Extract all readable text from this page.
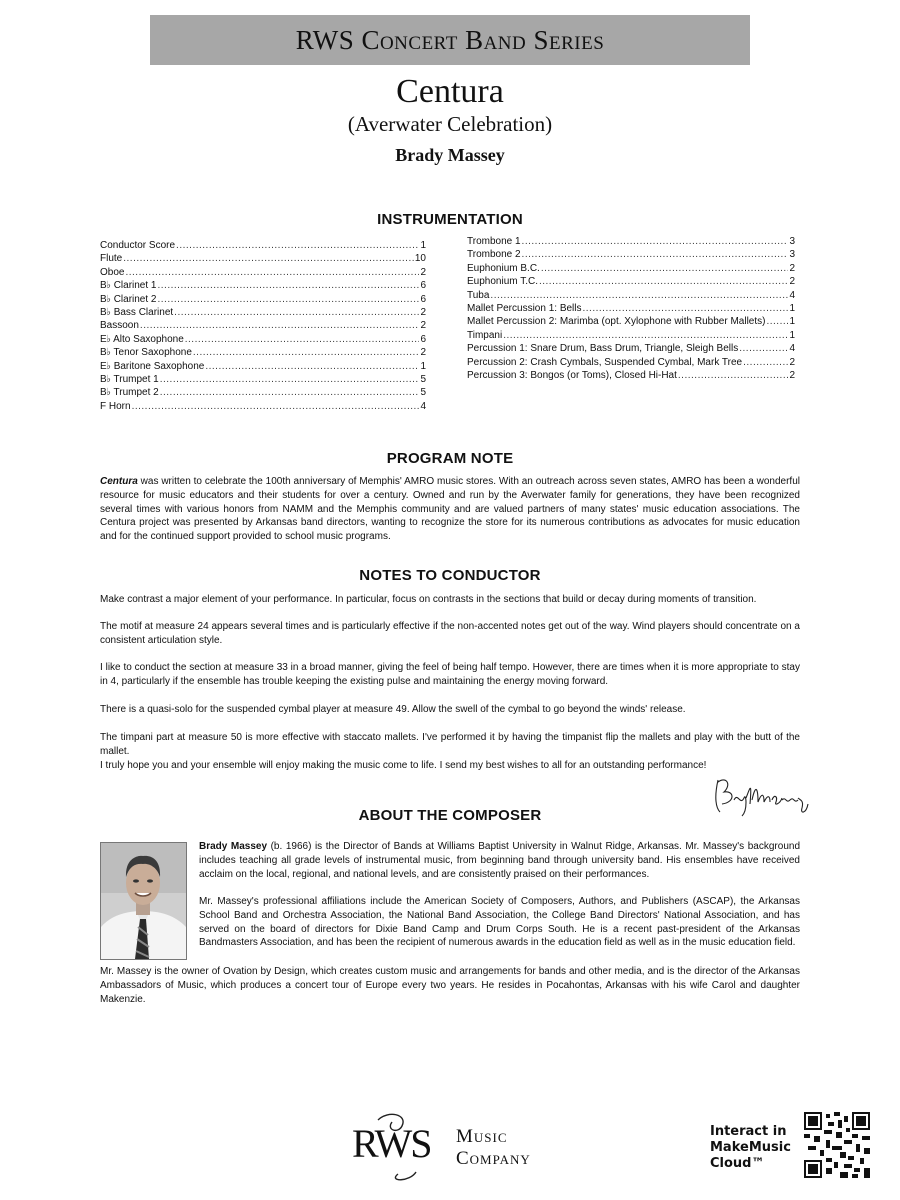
RWS Concert Band Series
Centura
(Averwater Celebration)
Brady Massey
INSTRUMENTATION
Conductor Score .....	1
Flute .....	10
Oboe .....	2
B♭ Clarinet 1 .....	6
B♭ Clarinet 2 .....	6
B♭ Bass Clarinet .....	2
Bassoon .....	2
E♭ Alto Saxophone .....	6
B♭ Tenor Saxophone .....	2
E♭ Baritone Saxophone .....	1
B♭ Trumpet 1 .....	5
B♭ Trumpet 2 .....	5
F Horn .....	4
Trombone 1 .....	3
Trombone 2 .....	3
Euphonium B.C. .....	2
Euphonium T.C. .....	2
Tuba .....	4
Mallet Percussion 1: Bells .....	1
Mallet Percussion 2: Marimba (opt. Xylophone with Rubber Mallets) ..... 1
Timpani .....	1
Percussion 1: Snare Drum, Bass Drum, Triangle, Sleigh Bells .....	4
Percussion 2: Crash Cymbals, Suspended Cymbal, Mark Tree .....	2
Percussion 3: Bongos (or Toms), Closed Hi-Hat .....	2
PROGRAM NOTE

Centura was written to celebrate the 100th anniversary of Memphis' AMRO music stores. With an outreach across seven states, AMRO has been a wonderful resource for music educators and their students for over a century. Owned and run by the Averwater family for generations, they have been recognized several times with various honors from NAMM and the Memphis community and are valued partners of many states' music education associations. The Centura project was presented by Arkansas band directors, wanting to recognize the store for its numerous contributions as advocates for music education and for the continued support provided to school music programs.

NOTES TO CONDUCTOR

Make contrast a major element of your performance. In particular, focus on contrasts in the sections that build or decay during moments of transition.

The motif at measure 24 appears several times and is particularly effective if the non-accented notes get out of the way. Wind players should concentrate on a consistent articulation style.

I like to conduct the section at measure 33 in a broad manner, giving the feel of being half tempo. However, there are times when it is more appropriate to stay in 4, particularly if the ensemble has trouble keeping the existing pulse and maintaining the energy moving forward.

There is a quasi-solo for the suspended cymbal player at measure 49. Allow the swell of the cymbal to go beyond the winds' release.

The timpani part at measure 50 is more effective with staccato mallets. I've performed it by having the timpanist flip the mallets and play with the butt of the mallet.

I truly hope you and your ensemble will enjoy making the music come to life. I send my best wishes to all for an outstanding performance!

ABOUT THE COMPOSER

Brady Massey (b. 1966) is the Director of Bands at Williams Baptist University in Walnut Ridge, Arkansas. Mr. Massey's background includes teaching all grade levels of instrumental music, from beginning band through university band. His ensembles have received acclaim on the local, regional, and national levels, and are consistently praised on their performances.

Mr. Massey's professional affiliations include the American Society of Composers, Authors, and Publishers (ASCAP), the Arkansas School Band and Orchestra Association, the National Band Association, the College Band Directors' National Association, and has served on the board of directors for Dixie Band Camp and Drum Corps South. He is a recent past-president of the Arkansas Bandmasters Association, and has been the recipient of numerous awards in the education field as well as in the music education field.

Mr. Massey is the owner of Ovation by Design, which creates custom music and arrangements for bands and other media, and is the director of the Arkansas Ambassadors of Music, which produces a concert tour of Europe every two years. He resides in Pocahontas, Arkansas with his wife Carol and daughter Makenzie.

RWS Music
Company
Interact in
MakeMusic
Cloud™
